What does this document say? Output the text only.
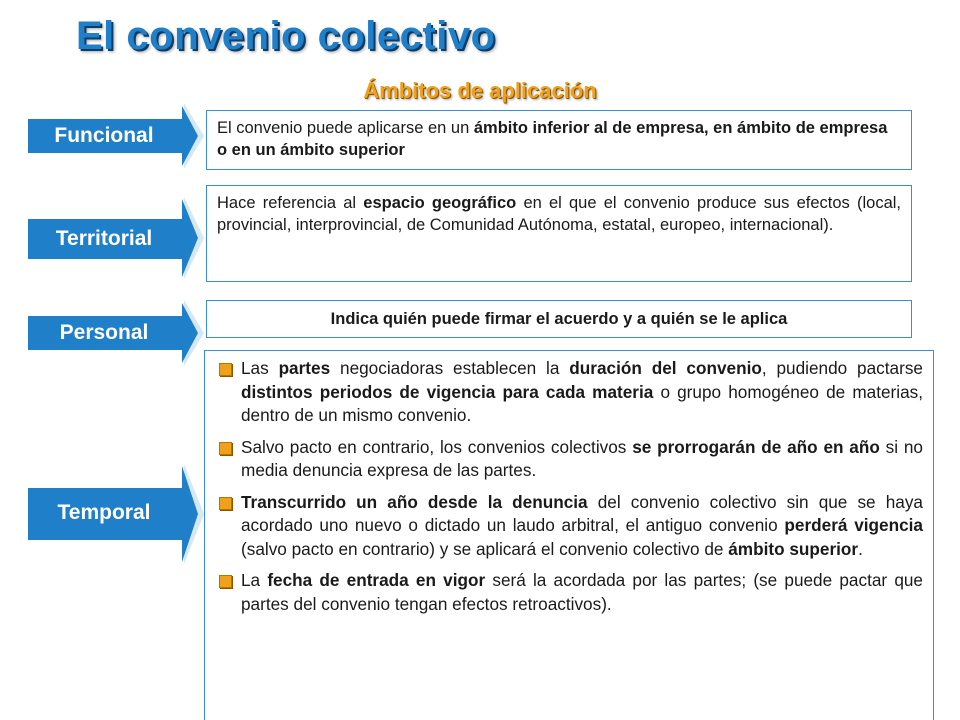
El convenio colectivo
Ámbitos de aplicación
Funcional	El convenio puede aplicarse en un ámbito inferior al de empresa, en ámbito de empresa o en un ámbito superior

Territorial

Hace referencia al espacio geográfico en el que el convenio produce sus efectos (local, provincial, interprovincial, de Comunidad Autónoma, estatal, europeo, internacional).

Personal

Indica quién puede firmar el acuerdo y a quién se le aplica

Temporal
Las partes negociadoras establecen la duración del convenio, pudiendo pactarse distintos periodos de vigencia para cada materia o grupo homogéneo de materias, dentro de un mismo convenio.
Salvo pacto en contrario, los convenios colectivos se prorrogarán de año en año si no media denuncia expresa de las partes.
Transcurrido un año desde la denuncia del convenio colectivo sin que se haya acordado uno nuevo o dictado un laudo arbitral, el antiguo convenio perderá vigencia (salvo pacto en contrario) y se aplicará el convenio colectivo de ámbito superior.
La fecha de entrada en vigor será la acordada por las partes; (se puede pactar que partes del convenio tengan efectos retroactivos).
